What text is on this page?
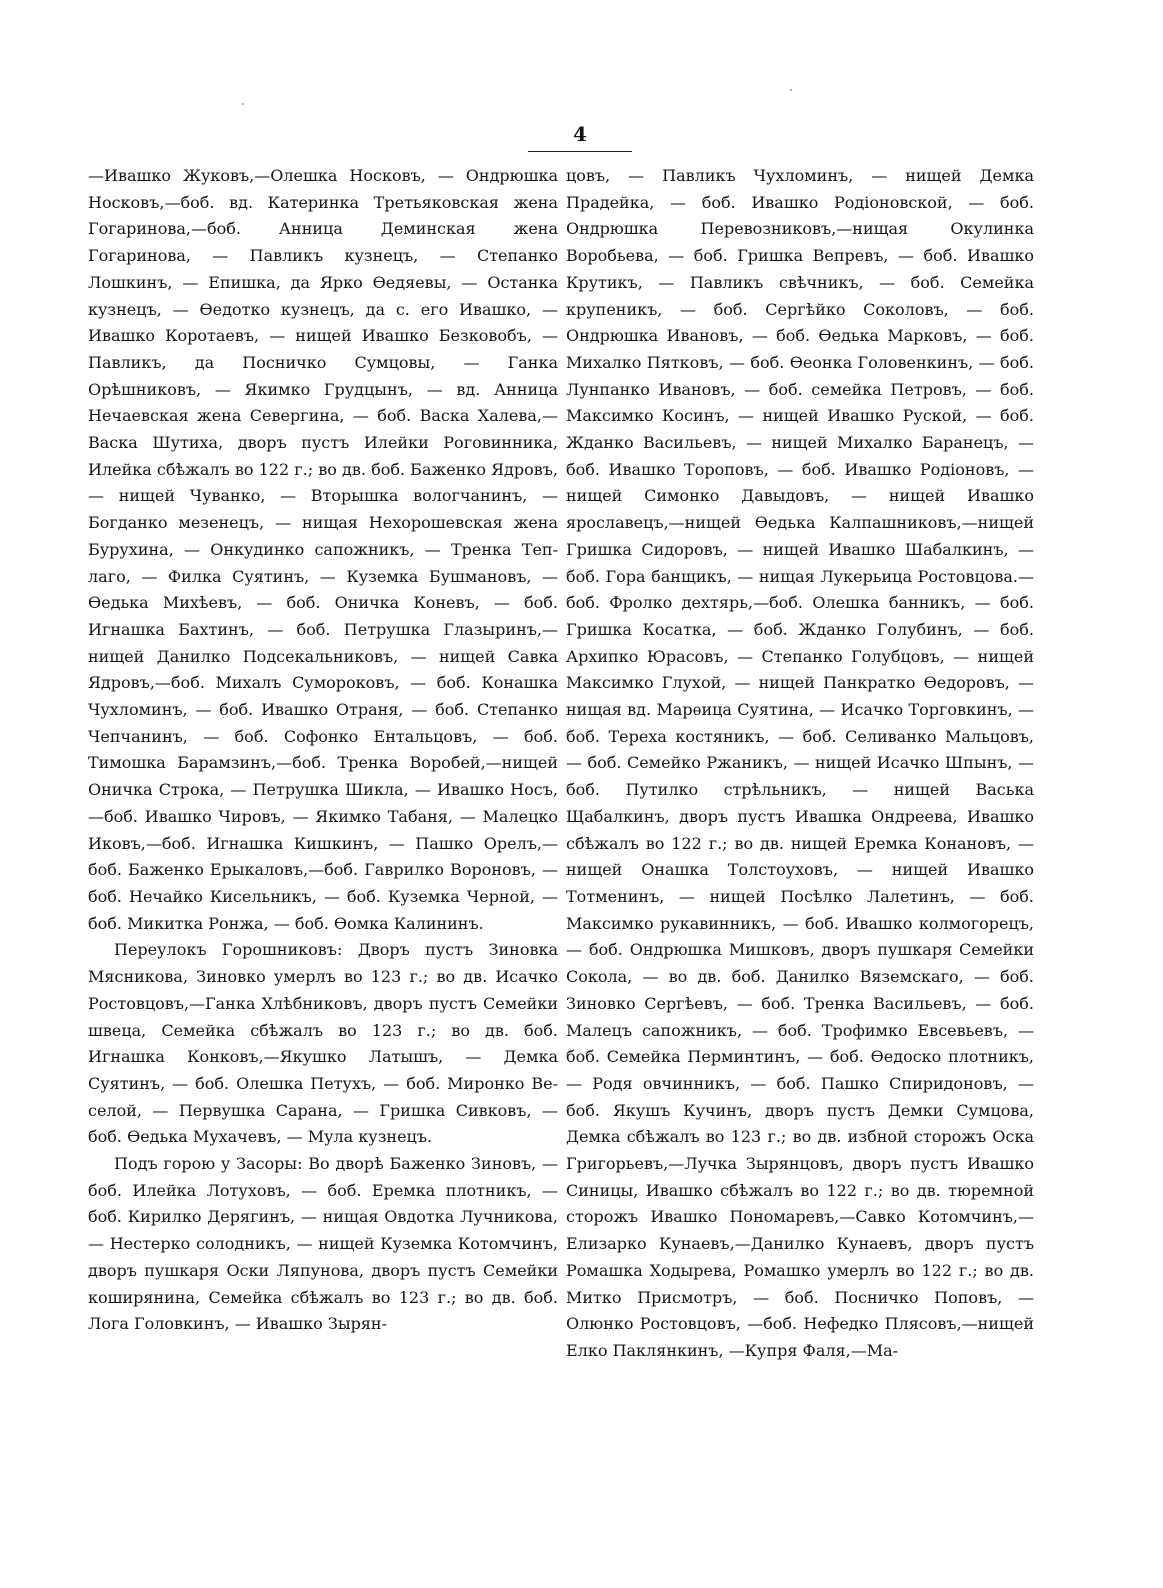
4

—Ивашко Жуковъ,—Олешка Носковъ, — Ондрюшка Носковъ,—боб. вд. Катеринка Третьяковская жена Гогаринова,—боб. Анница Деминская жена Гогаринова, — Павликъ кузнецъ, — Степанко Лошкинъ, — Епишка, да Ярко Ѳедяевы, — Останка кузнецъ, — Ѳедотко кузнецъ, да с. его Ивашко, — Ивашко Коротаевъ, — нищей Ивашко Безковобъ, — Павликъ, да Посничко Сумцовы, — Ганка Орѣшниковъ, — Якимко Грудцынъ, — вд. Анница Нечаевская жена Севергина, — боб. Васка Халева,—Васка Шутиха, дворъ пустъ Илейки Роговинника, Илейка сбѣжалъ во 122 г.; во дв. боб. Баженко Ядровъ, — нищей Чуванко, — Вторышка вологчанинъ, — Богданко мезенецъ, — нищая Нехорошевская жена Бурухина, — Онкудинко сапожникъ, — Тренка Теплаго, — Филка Суятинъ, — Куземка Бушмановъ, — Ѳедька Михѣевъ, — боб. Оничка Коневъ, — боб. Игнашка Бахтинъ, — боб. Петрушка Глазыринъ,—нищей Данилко Подсекальниковъ, — нищей Савка Ядровъ,—боб. Михалъ Сумороковъ, — боб. Конашка Чухломинъ, — боб. Ивашко Отраня, — боб. Степанко Чепчанинъ, — боб. Софонко Ентальцовъ, — боб. Тимошка Барамзинъ,—боб. Тренка Воробей,—нищей Оничка Строка, — Петрушка Шикла, — Ивашко Носъ,—боб. Ивашко Чировъ, — Якимко Табаня, — Малецко Иковъ,—боб. Игнашка Кишкинъ, — Пашко Орелъ,—боб. Баженко Ерыкаловъ,—боб. Гаврилко Вороновъ, — боб. Нечайко Кисельникъ, — боб. Куземка Черной, — боб. Микитка Ронжа, — боб. Ѳомка Калининъ.

Переулокъ Горошниковъ: Дворъ пустъ Зиновка Мясникова, Зиновко умерлъ во 123 г.; во дв. Исачко Ростовцовъ,—Ганка Хлѣбниковъ, дворъ пустъ Семейки швеца, Семейка сбѣжалъ во 123 г.; во дв. боб. Игнашка Конковъ,—Якушко Латышъ, — Демка Суятинъ, — боб. Олешка Петухъ, — боб. Миронко Веселой, — Первушка Сарана, — Гришка Сивковъ, — боб. Ѳедька Мухачевъ, — Мула кузнецъ.

Подъ горою у Засоры: Во дворѣ Баженко Зиновъ, — боб. Илейка Лотуховъ, — боб. Еремка плотникъ, — боб. Кирилко Дерягинъ, — нищая Овдотка Лучникова, — Нестерко солодникъ, — нищей Куземка Котомчинъ, дворъ пушкаря Оски Ляпунова, дворъ пустъ Семейки коширянина, Семейка сбѣжалъ во 123 г.; во дв. боб. Лога Головкинъ, — Ивашко Зырян-

цовъ, — Павликъ Чухломинъ, — нищей Демка Прадейка, — боб. Ивашко Родіоновской, — боб. Ондрюшка Перевозниковъ,—нищая Окулинка Воробьева, — боб. Гришка Вепревъ, — боб. Ивашко Крутикъ, — Павликъ свѣчникъ, — боб. Семейка крупеникъ, — боб. Сергѣйко Соколовъ, — боб. Ондрюшка Ивановъ, — боб. Ѳедька Марковъ, — боб. Михалко Пятковъ, — боб. Ѳеонка Головенкинъ, — боб. Лунпанко Ивановъ, — боб. семейка Петровъ, — боб. Максимко Косинъ, — нищей Ивашко Руской, — боб. Жданко Васильевъ, — нищей Михалко Баранецъ, — боб. Ивашко Тороповъ, — боб. Ивашко Родіоновъ, — нищей Симонко Давыдовъ, — нищей Ивашко ярославецъ,—нищей Ѳедька Калпашниковъ,—нищей Гришка Сидоровъ, — нищей Ивашко Шабалкинъ, — боб. Гора банщикъ, — нищая Лукерьица Ростовцова.—боб. Фролко дехтярь,—боб. Олешка банникъ, — боб. Гришка Косатка, — боб. Жданко Голубинъ, — боб. Архипко Юрасовъ, — Степанко Голубцовъ, — нищей Максимко Глухой, — нищей Панкратко Ѳедоровъ, — нищая вд. Марѳица Суятина, — Исачко Торговкинъ, — боб. Тереха костяникъ, — боб. Селиванко Мальцовъ, — боб. Семейко Ржаникъ, — нищей Исачко Шпынъ, — боб. Путилко стрѣльникъ, — нищей Васька Щабалкинъ, дворъ пустъ Ивашка Ондреева, Ивашко сбѣжалъ во 122 г.; во дв. нищей Еремка Конановъ, — нищей Онашка Толстоуховъ, — нищей Ивашко Тотменинъ, — нищей Посѣлко Лалетинъ, — боб. Максимко рукавинникъ, — боб. Ивашко колмогорецъ, — боб. Ондрюшка Мишковъ, дворъ пушкаря Семейки Сокола, — во дв. боб. Данилко Вяземскаго, — боб. Зиновко Сергѣевъ, — боб. Тренка Васильевъ, — боб. Малецъ сапожникъ, — боб. Трофимко Евсевьевъ, — боб. Семейка Перминтинъ, — боб. Ѳедоско плотникъ, — Родя овчинникъ, — боб. Пашко Спиридоновъ, — боб. Якушъ Кучинъ, дворъ пустъ Демки Сумцова, Демка сбѣжалъ во 123 г.; во дв. избной сторожъ Оска Григорьевъ,—Лучка Зырянцовъ, дворъ пустъ Ивашко Синицы, Ивашко сбѣжалъ во 122 г.; во дв. тюремной сторожъ Ивашко Пономаревъ,—Савко Котомчинъ,—Елизарко Кунаевъ,—Данилко Кунаевъ, дворъ пустъ Ромашка Ходырева, Ромашко умерлъ во 122 г.; во дв. Митко Присмотръ, — боб. Посничко Поповъ, — Олюнко Ростовцовъ, —боб. Нефедко Плясовъ,—нищей Елко Паклянкинъ, —Купря Фаля,—Ма-
